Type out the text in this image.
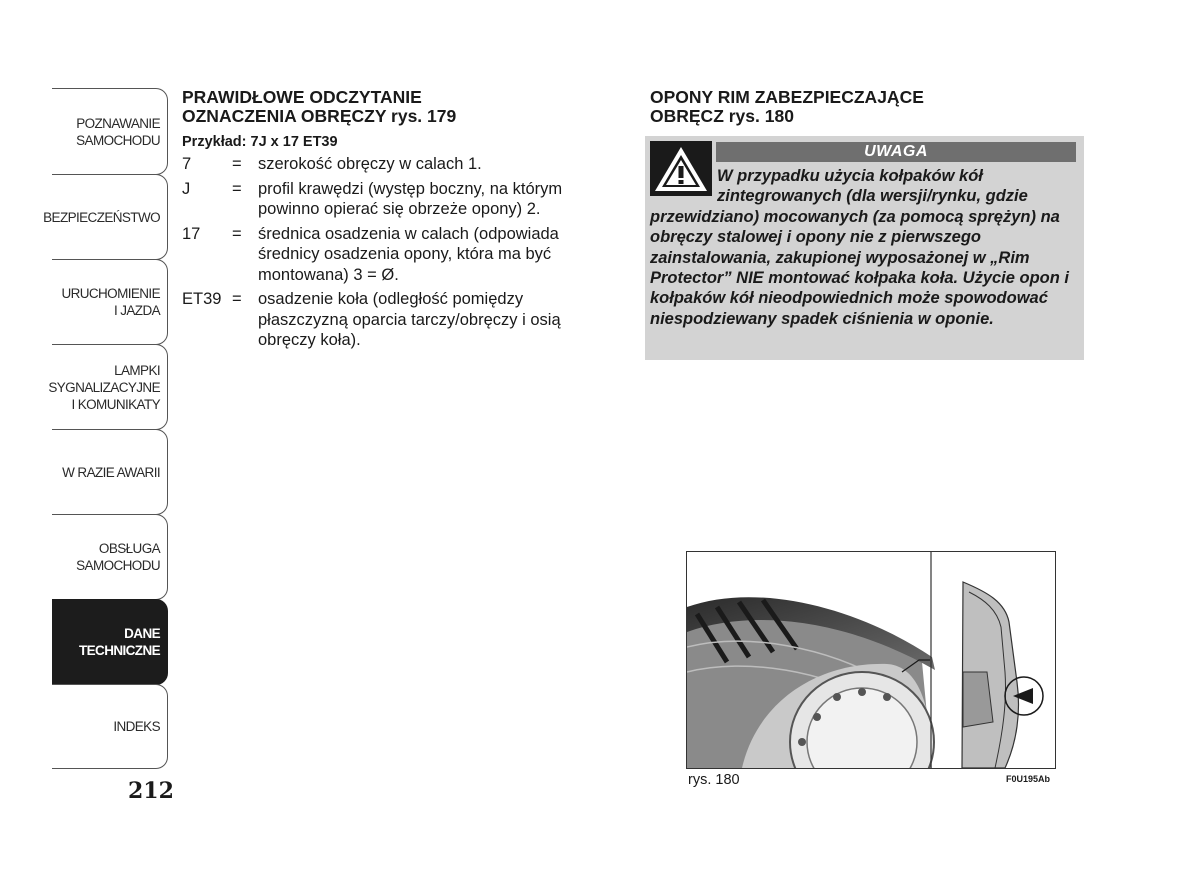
POZNAWANIE
SAMOCHODU
BEZPIECZEŃSTWO
URUCHOMIENIE
I JAZDA
LAMPKI
SYGNALIZACYJNE
I KOMUNIKATY
W RAZIE AWARII
OBSŁUGA
SAMOCHODU
DANE
TECHNICZNE
INDEKS
212

PRAWIDŁOWE ODCZYTANIE

OZNACZENIA OBRĘCZY rys. 179

Przykład: 7J x 17 ET39
7	= szerokość obręczy w calach 1.
J	= profil krawędzi (występ boczny, na którym powinno opierać się obrzeże opony) 2.
17	= średnica osadzenia w calach (odpowiada średnicy osadzenia opony, która ma być montowana) 3 = Ø.
ET39 = osadzenie koła (odległość pomiędzy płaszczyzną oparcia tarczy/obręczy i osią obręczy koła).

OPONY RIM ZABEZPIECZAJĄCE

OBRĘCZ rys. 180

UWAGA
W przypadku użycia kołpaków kół zintegrowanych (dla wersji/rynku, gdzie
przewidziano) mocowanych (za pomocą sprężyn) na obręczy stalowej i opony nie z pierwszego zainstalowania, zakupionej wyposażonej w „Rim Protector” NIE montować kołpaka koła. Użycie opon i kołpaków kół nieodpowiednich może spowodować niespodziewany spadek ciśnienia w oponie.
rys. 180	F0U195Ab
